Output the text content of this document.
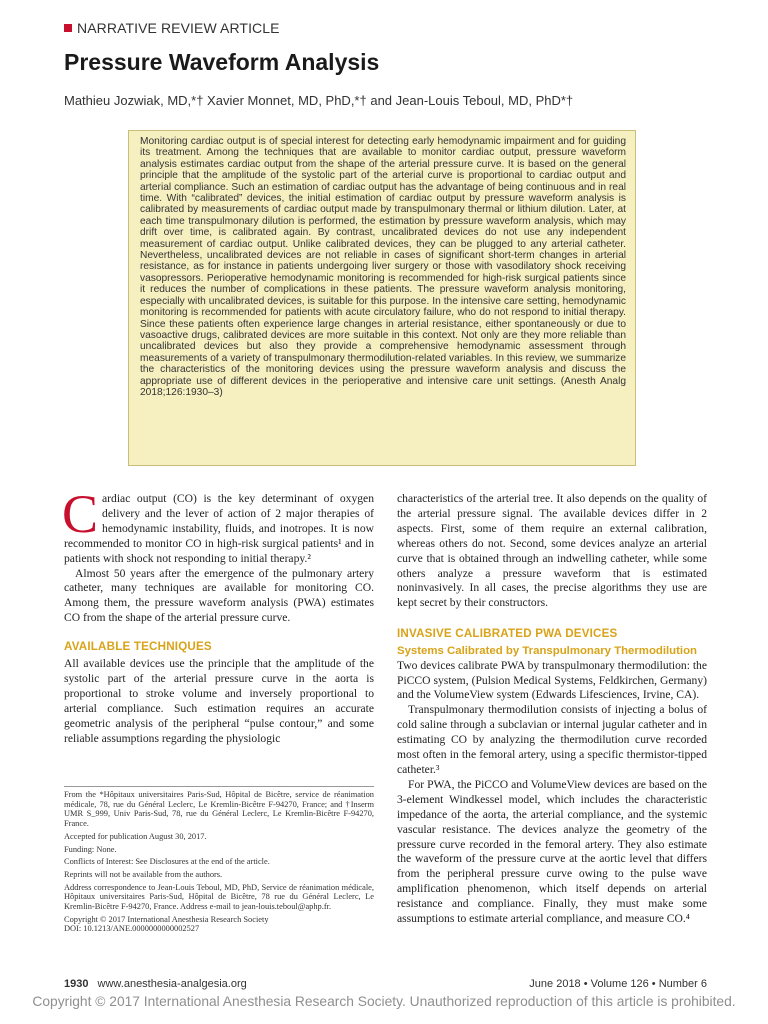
NARRATIVE REVIEW ARTICLE
Pressure Waveform Analysis
Mathieu Jozwiak, MD,*† Xavier Monnet, MD, PhD,*† and Jean-Louis Teboul, MD, PhD*†
Monitoring cardiac output is of special interest for detecting early hemodynamic impairment and for guiding its treatment. Among the techniques that are available to monitor cardiac output, pressure waveform analysis estimates cardiac output from the shape of the arterial pressure curve. It is based on the general principle that the amplitude of the systolic part of the arterial curve is proportional to cardiac output and arterial compliance. Such an estimation of cardiac output has the advantage of being continuous and in real time. With “calibrated” devices, the initial estimation of cardiac output by pressure waveform analysis is calibrated by measurements of cardiac output made by transpulmonary thermal or lithium dilution. Later, at each time transpulmonary dilution is performed, the estimation by pressure waveform analysis, which may drift over time, is calibrated again. By contrast, uncalibrated devices do not use any independent measurement of cardiac output. Unlike calibrated devices, they can be plugged to any arterial catheter. Nevertheless, uncalibrated devices are not reliable in cases of significant short-term changes in arterial resistance, as for instance in patients undergoing liver surgery or those with vasodilatory shock receiving vasopressors. Perioperative hemodynamic monitoring is recommended for high-risk surgical patients since it reduces the number of complications in these patients. The pressure waveform analysis monitoring, especially with uncalibrated devices, is suitable for this purpose. In the intensive care setting, hemodynamic monitoring is recommended for patients with acute circulatory failure, who do not respond to initial therapy. Since these patients often experience large changes in arterial resistance, either spontaneously or due to vasoactive drugs, calibrated devices are more suitable in this context. Not only are they more reliable than uncalibrated devices but also they provide a comprehensive hemodynamic assessment through measurements of a variety of transpulmonary thermodilution-related variables. In this review, we summarize the characteristics of the monitoring devices using the pressure waveform analysis and discuss the appropriate use of different devices in the perioperative and intensive care unit settings. (Anesth Analg 2018;126:1930–3)

Cardiac output (CO) is the key determinant of oxygen delivery and the lever of action of 2 major therapies of hemodynamic instability, fluids, and inotropes. It is now recommended to monitor CO in high-risk surgical patients¹ and in patients with shock not responding to initial therapy.²

Almost 50 years after the emergence of the pulmonary artery catheter, many techniques are available for monitoring CO. Among them, the pressure waveform analysis (PWA) estimates CO from the shape of the arterial pressure curve.

AVAILABLE TECHNIQUES

All available devices use the principle that the amplitude of the systolic part of the arterial pressure curve in the aorta is proportional to stroke volume and inversely proportional to arterial compliance. Such estimation requires an accurate geometric analysis of the peripheral “pulse contour,” and some reliable assumptions regarding the physiologic

characteristics of the arterial tree. It also depends on the quality of the arterial pressure signal. The available devices differ in 2 aspects. First, some of them require an external calibration, whereas others do not. Second, some devices analyze an arterial curve that is obtained through an indwelling catheter, while some others analyze a pressure waveform that is estimated noninvasively. In all cases, the precise algorithms they use are kept secret by their constructors.

INVASIVE CALIBRATED PWA DEVICES
Systems Calibrated by Transpulmonary Thermodilution

Two devices calibrate PWA by transpulmonary thermodilution: the PiCCO system, (Pulsion Medical Systems, Feldkirchen, Germany) and the VolumeView system (Edwards Lifesciences, Irvine, CA).

Transpulmonary thermodilution consists of injecting a bolus of cold saline through a subclavian or internal jugular catheter and in estimating CO by analyzing the thermodilution curve recorded most often in the femoral artery, using a specific thermistor-tipped catheter.³

For PWA, the PiCCO and VolumeView devices are based on the 3-element Windkessel model, which includes the characteristic impedance of the aorta, the arterial compliance, and the systemic vascular resistance. The devices analyze the geometry of the pressure curve recorded in the femoral artery. They also estimate the waveform of the pressure curve at the aortic level that differs from the peripheral pressure curve owing to the pulse wave amplification phenomenon, which itself depends on arterial resistance and compliance. Finally, they must make some assumptions to estimate arterial compliance, and measure CO.⁴

From the *Hôpitaux universitaires Paris-Sud, Hôpital de Bicêtre, service de réanimation médicale, 78, rue du Général Leclerc, Le Kremlin-Bicêtre F-94270, France; and †Inserm UMR S_999, Univ Paris-Sud, 78, rue du Général Leclerc, Le Kremlin-Bicêtre F-94270, France.

Accepted for publication August 30, 2017.

Funding: None.

Conflicts of Interest: See Disclosures at the end of the article.

Reprints will not be available from the authors.

Address correspondence to Jean-Louis Teboul, MD, PhD, Service de réanimation médicale, Hôpitaux universitaires Paris-Sud, Hôpital de Bicêtre, 78 rue du Général Leclerc, Le Kremlin-Bicêtre F-94270, France. Address e-mail to jean-louis.teboul@aphp.fr.

Copyright © 2017 International Anesthesia Research Society

DOI: 10.1213/ANE.0000000000002527

1930 www.anesthesia-analgesia.org	June 2018 • Volume 126 • Number 6
Copyright © 2017 International Anesthesia Research Society. Unauthorized reproduction of this article is prohibited.
